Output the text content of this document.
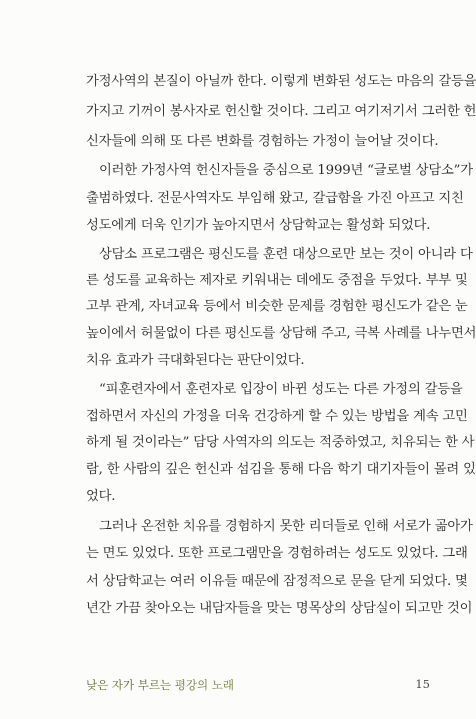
가정사역의 본질이 아닐까 한다. 이렇게 변화된 성도는 마음의 갈등을
가지고 기꺼이 봉사자로 헌신할 것이다. 그리고 여기저기서 그러한 헌
신자들에 의해 또 다른 변화를 경험하는 가정이 늘어날 것이다.
이러한 가정사역 헌신자들을 중심으로 1999년 “글로벌 상담소”가
출범하였다. 전문사역자도 부임해 왔고, 갈급함을 가진 아프고 지친
성도에게 더욱 인기가 높아지면서 상담학교는 활성화 되었다.
상담소 프로그램은 평신도를 훈련 대상으로만 보는 것이 아니라 다
른 성도를 교육하는 제자로 키워내는 데에도 중점을 두었다. 부부 및
고부 관계, 자녀교육 등에서 비슷한 문제를 경험한 평신도가 같은 눈
높이에서 허물없이 다른 평신도를 상담해 주고, 극복 사례를 나누면서
치유 효과가 극대화된다는 판단이었다.
“피훈련자에서 훈련자로 입장이 바뀐 성도는 다른 가정의 갈등을
접하면서 자신의 가정을 더욱 건강하게 할 수 있는 방법을 계속 고민
하게 될 것이라는” 담당 사역자의 의도는 적중하였고, 치유되는 한 사
람, 한 사람의 깊은 헌신과 섬김을 통해 다음 학기 대기자들이 몰려 있
었다.
그러나 온전한 치유를 경험하지 못한 리더들로 인해 서로가 곪아가
는 면도 있었다. 또한 프로그램만을 경험하려는 성도도 있었다. 그래
서 상담학교는 여러 이유들 때문에 잠정적으로 문을 닫게 되었다. 몇
년간 가끔 찾아오는 내담자들을 맞는 명목상의 상담실이 되고만 것이
낮은 자가 부르는 평강의 노래	15
